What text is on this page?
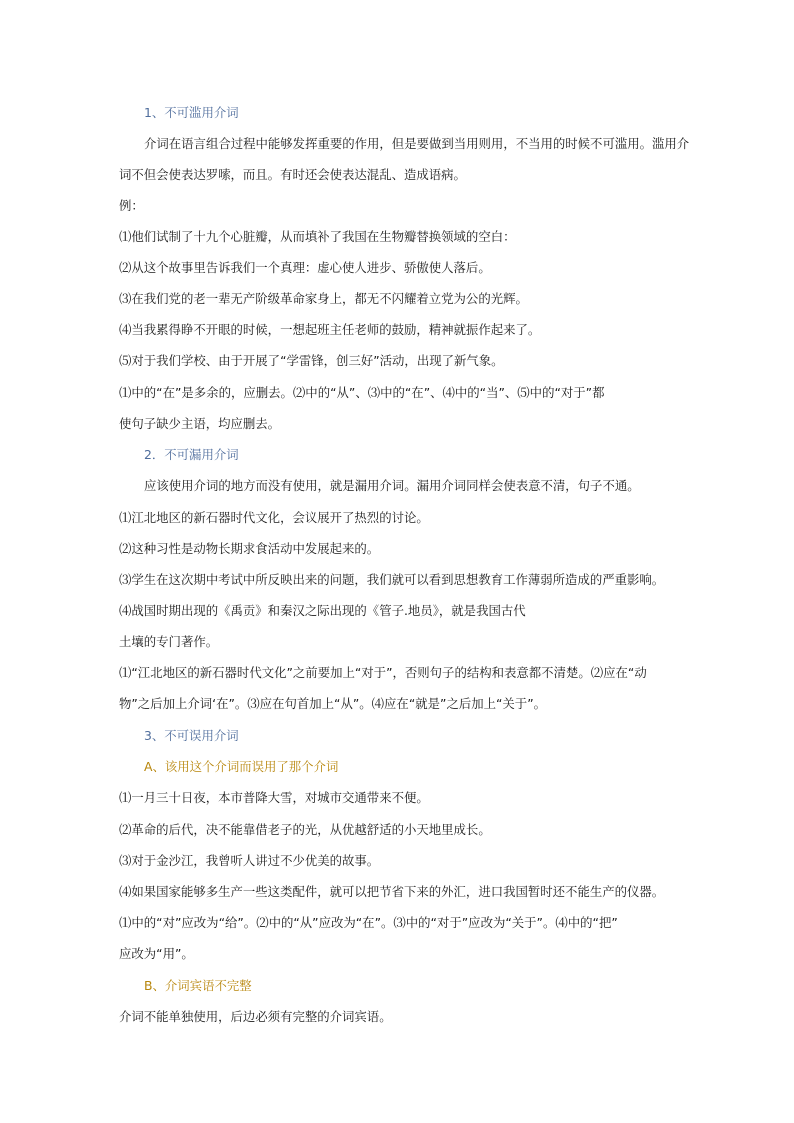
1、不可滥用介词
介词在语言组合过程中能够发挥重要的作用，但是要做到当用则用，不当用的时候不可滥用。滥用介
词不但会使表达罗嗦，而且。有时还会使表达混乱、造成语病。
例：
⑴他们试制了十九个心脏瓣，从而填补了我国在生物瓣替换领域的空白：
⑵从这个故事里告诉我们一个真理：虚心使人进步、骄傲使人落后。
⑶在我们党的老一辈无产阶级革命家身上，都无不闪耀着立党为公的光辉。
⑷当我累得睁不开眼的时候，一想起班主任老师的鼓励，精神就振作起来了。
⑸对于我们学校、由于开展了“学雷锋，创三好”活动，出现了新气象。
⑴中的“在”是多余的，应删去。⑵中的“从”、⑶中的“在”、⑷中的“当”、⑸中的“对于”都
使句子缺少主语，均应删去。
2．不可漏用介词
应该使用介词的地方而没有使用，就是漏用介词。漏用介词同样会使表意不清，句子不通。
⑴江北地区的新石器时代文化，会议展开了热烈的讨论。
⑵这种习性是动物长期求食活动中发展起来的。
⑶学生在这次期中考试中所反映出来的问题，我们就可以看到思想教育工作薄弱所造成的严重影响。
⑷战国时期出现的《禹贡》和秦汉之际出现的《管子.地员》，就是我国古代
土壤的专门著作。
⑴“江北地区的新石器时代文化”之前要加上“对于”，否则句子的结构和表意都不清楚。⑵应在“动
物”之后加上介词‘在”。⑶应在句首加上“从”。⑷应在“就是”之后加上“关于”。
3、不可误用介词
A、该用这个介词而误用了那个介词
⑴一月三十日夜，本市普降大雪，对城市交通带来不便。
⑵革命的后代，决不能靠借老子的光，从优越舒适的小天地里成长。
⑶对于金沙江，我曾听人讲过不少优美的故事。
⑷如果国家能够多生产一些这类配件，就可以把节省下来的外汇，进口我国暂时还不能生产的仪器。
⑴中的“对”应改为“给”。⑵中的“从”应改为“在”。⑶中的“对于”应改为“关于”。⑷中的“把”
应改为“用”。
B、介词宾语不完整
介词不能单独使用，后边必须有完整的介词宾语。
